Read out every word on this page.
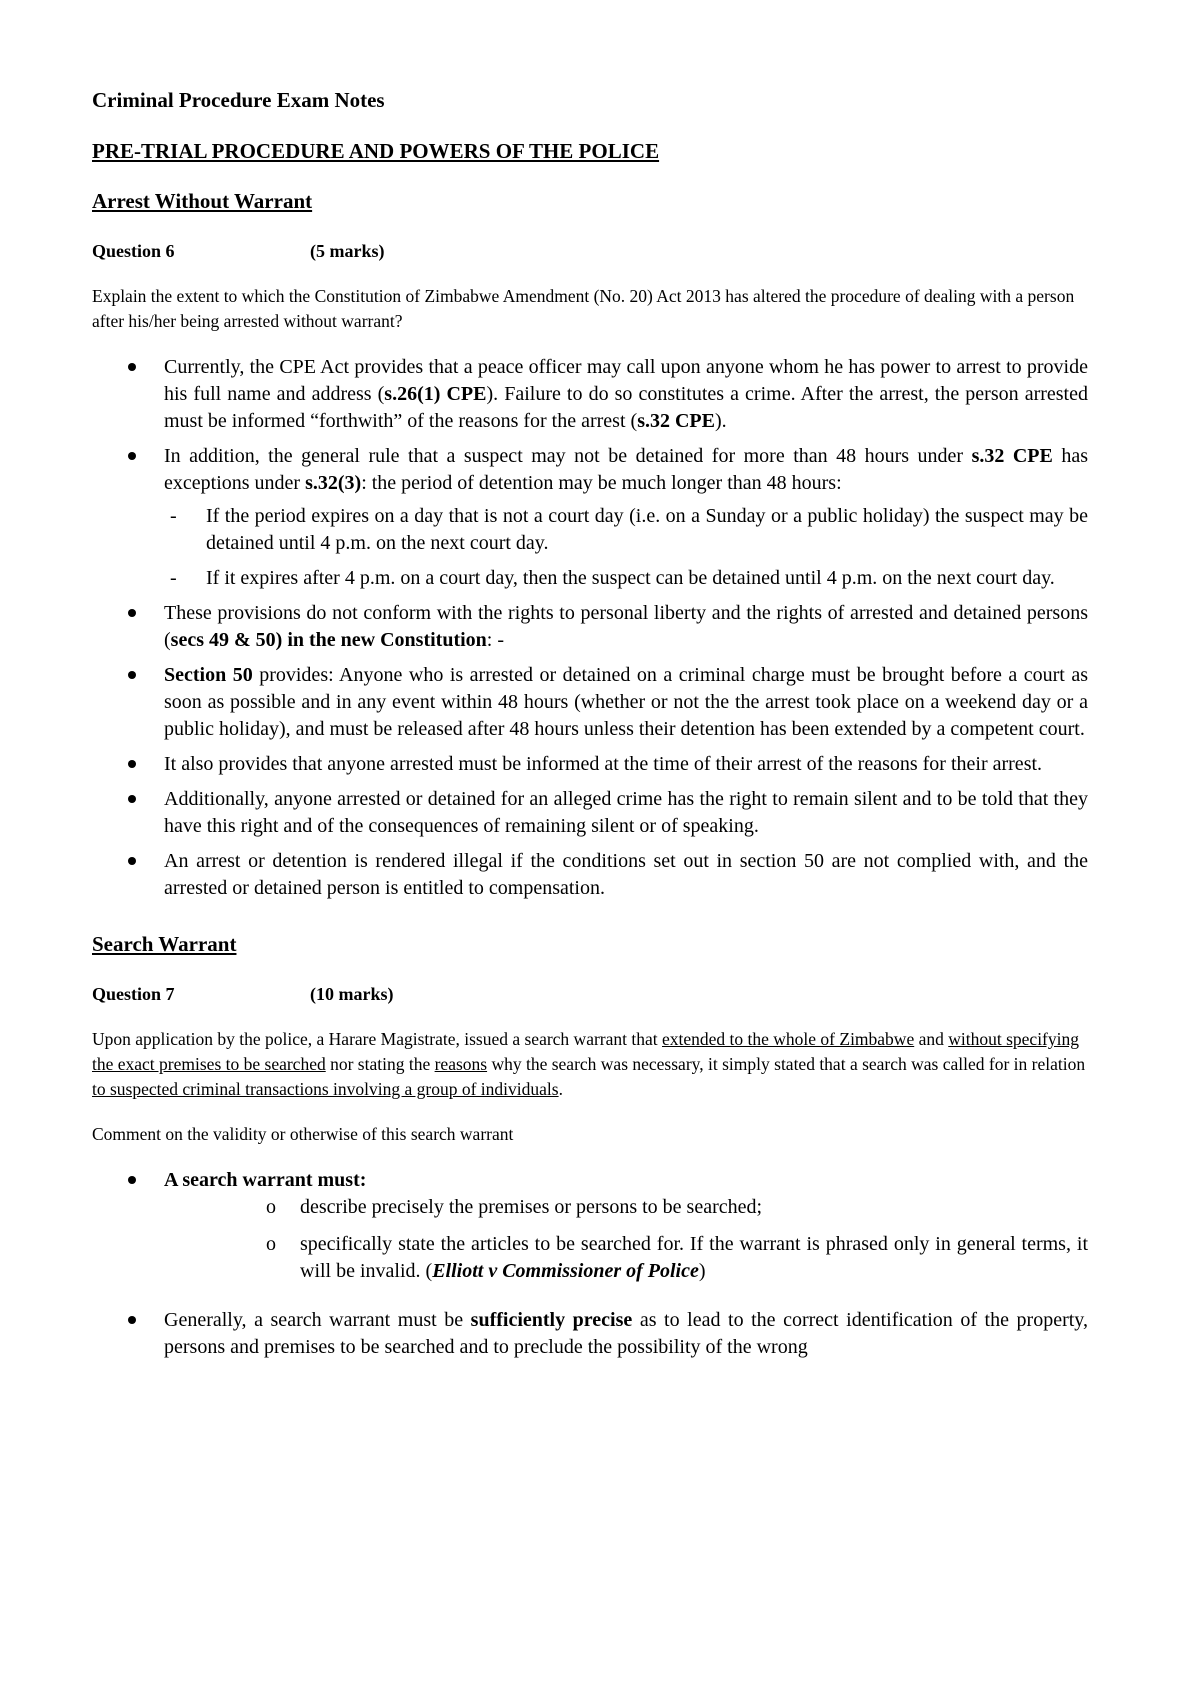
Criminal Procedure Exam Notes
PRE-TRIAL PROCEDURE AND POWERS OF THE POLICE
Arrest Without Warrant
Question 6	(5 marks)
Explain the extent to which the Constitution of Zimbabwe Amendment (No. 20) Act 2013 has altered the procedure of dealing with a person after his/her being arrested without warrant?
Currently, the CPE Act provides that a peace officer may call upon anyone whom he has power to arrest to provide his full name and address (s.26(1) CPE). Failure to do so constitutes a crime. After the arrest, the person arrested must be informed “forthwith” of the reasons for the arrest (s.32 CPE).
In addition, the general rule that a suspect may not be detained for more than 48 hours under s.32 CPE has exceptions under s.32(3): the period of detention may be much longer than 48 hours:
- If the period expires on a day that is not a court day (i.e. on a Sunday or a public holiday) the suspect may be detained until 4 p.m. on the next court day.
- If it expires after 4 p.m. on a court day, then the suspect can be detained until 4 p.m. on the next court day.
These provisions do not conform with the rights to personal liberty and the rights of arrested and detained persons (secs 49 & 50) in the new Constitution: -
Section 50 provides: Anyone who is arrested or detained on a criminal charge must be brought before a court as soon as possible and in any event within 48 hours (whether or not the the arrest took place on a weekend day or a public holiday), and must be released after 48 hours unless their detention has been extended by a competent court.
It also provides that anyone arrested must be informed at the time of their arrest of the reasons for their arrest.
Additionally, anyone arrested or detained for an alleged crime has the right to remain silent and to be told that they have this right and of the consequences of remaining silent or of speaking.
An arrest or detention is rendered illegal if the conditions set out in section 50 are not complied with, and the arrested or detained person is entitled to compensation.
Search Warrant
Question 7	(10 marks)
Upon application by the police, a Harare Magistrate, issued a search warrant that extended to the whole of Zimbabwe and without specifying the exact premises to be searched nor stating the reasons why the search was necessary, it simply stated that a search was called for in relation to suspected criminal transactions involving a group of individuals.
Comment on the validity or otherwise of this search warrant
A search warrant must:
o describe precisely the premises or persons to be searched;
o specifically state the articles to be searched for. If the warrant is phrased only in general terms, it will be invalid. (Elliott v Commissioner of Police)
Generally, a search warrant must be sufficiently precise as to lead to the correct identification of the property, persons and premises to be searched and to preclude the possibility of the wrong
